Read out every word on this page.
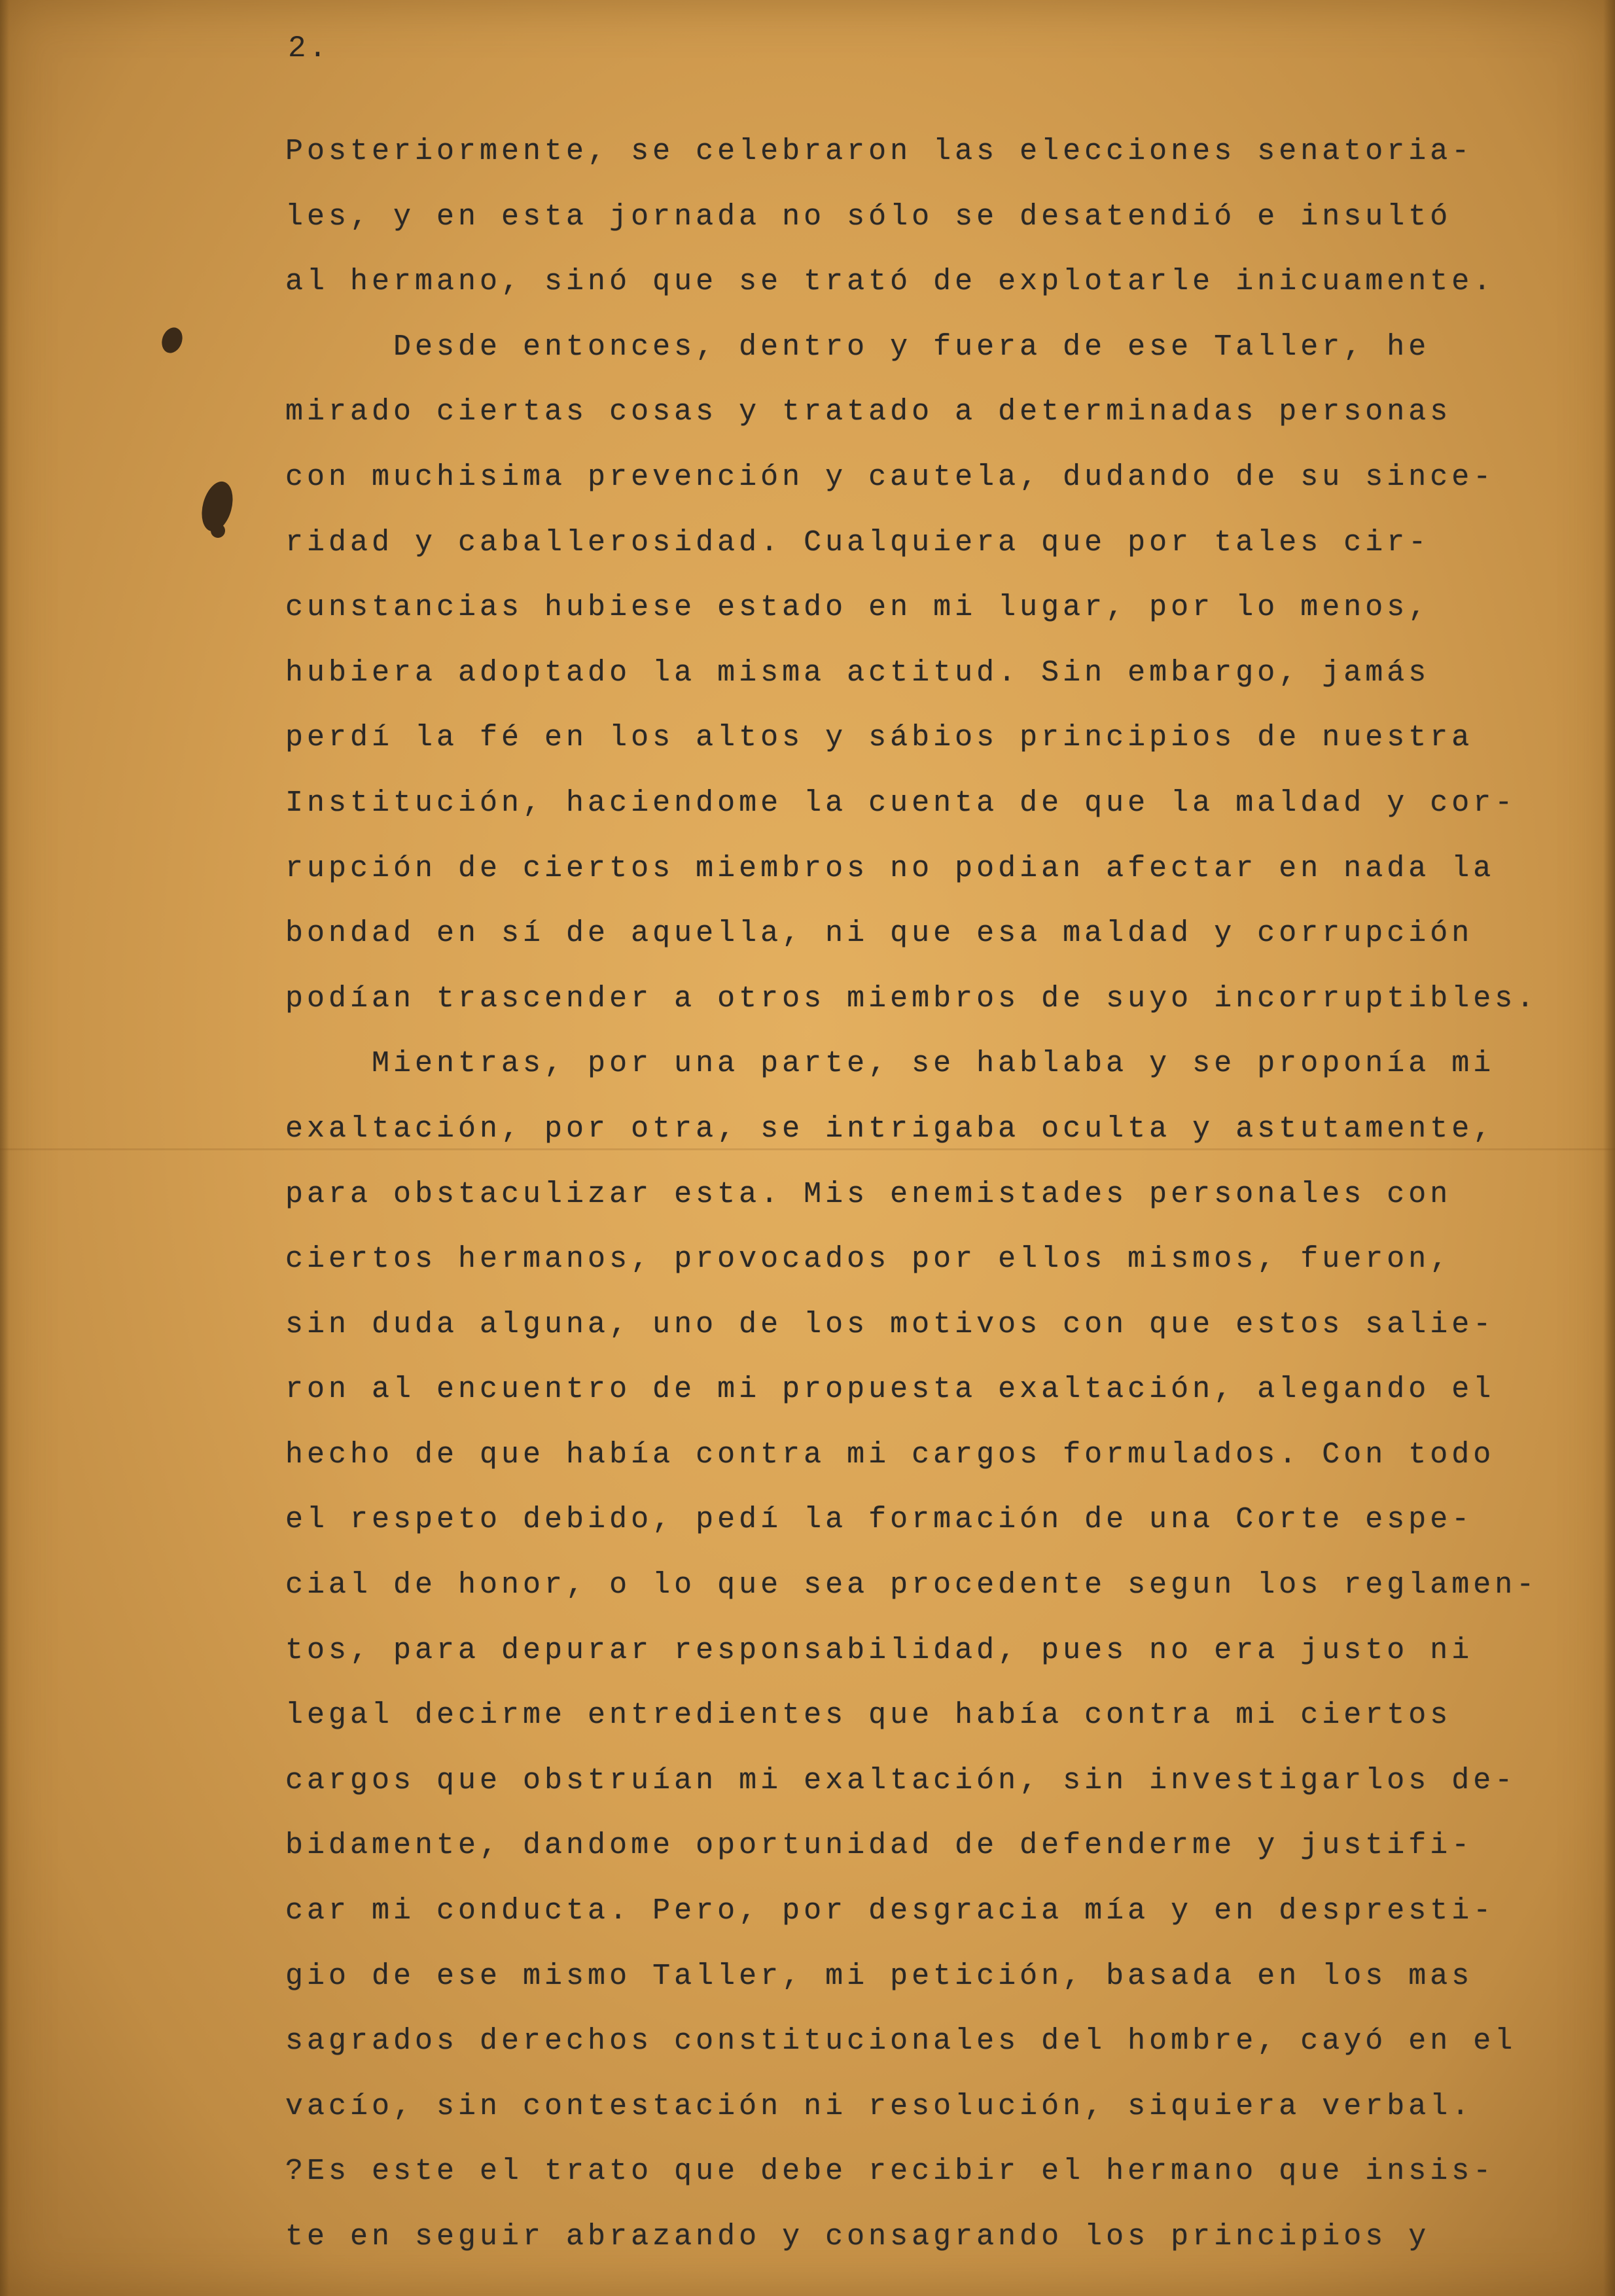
2.
Posteriormente, se celebraron las elecciones senatoria-
les, y en esta jornada no sólo se desatendió e insultó
al hermano, sinó que se trató de explotarle inicuamente.
Desde entonces, dentro y fuera de ese Taller, he
mirado ciertas cosas y tratado a determinadas personas
con muchisima prevención y cautela, dudando de su since-
ridad y caballerosidad. Cualquiera que por tales cir-
cunstancias hubiese estado en mi lugar, por lo menos,
hubiera adoptado la misma actitud. Sin embargo, jamás
perdí la fé en los altos y sábios principios de nuestra
Institución, haciendome la cuenta de que la maldad y cor-
rupción de ciertos miembros no podian afectar en nada la
bondad en sí de aquella, ni que esa maldad y corrupción
podían trascender a otros miembros de suyo incorruptibles.
Mientras, por una parte, se hablaba y se proponía mi
exaltación, por otra, se intrigaba oculta y astutamente,
para obstaculizar esta. Mis enemistades personales con
ciertos hermanos, provocados por ellos mismos, fueron,
sin duda alguna, uno de los motivos con que estos salie-
ron al encuentro de mi propuesta exaltación, alegando el
hecho de que había contra mi cargos formulados. Con todo
el respeto debido, pedí la formación de una Corte espe-
cial de honor, o lo que sea procedente segun los reglamen-
tos, para depurar responsabilidad, pues no era justo ni
legal decirme entredientes que había contra mi ciertos
cargos que obstruían mi exaltación, sin investigarlos de-
bidamente, dandome oportunidad de defenderme y justifi-
car mi conducta. Pero, por desgracia mía y en despresti-
gio de ese mismo Taller, mi petición, basada en los mas
sagrados derechos constitucionales del hombre, cayó en el
vacío, sin contestación ni resolución, siquiera verbal.
?Es este el trato que debe recibir el hermano que insis-
te en seguir abrazando y consagrando los principios y
